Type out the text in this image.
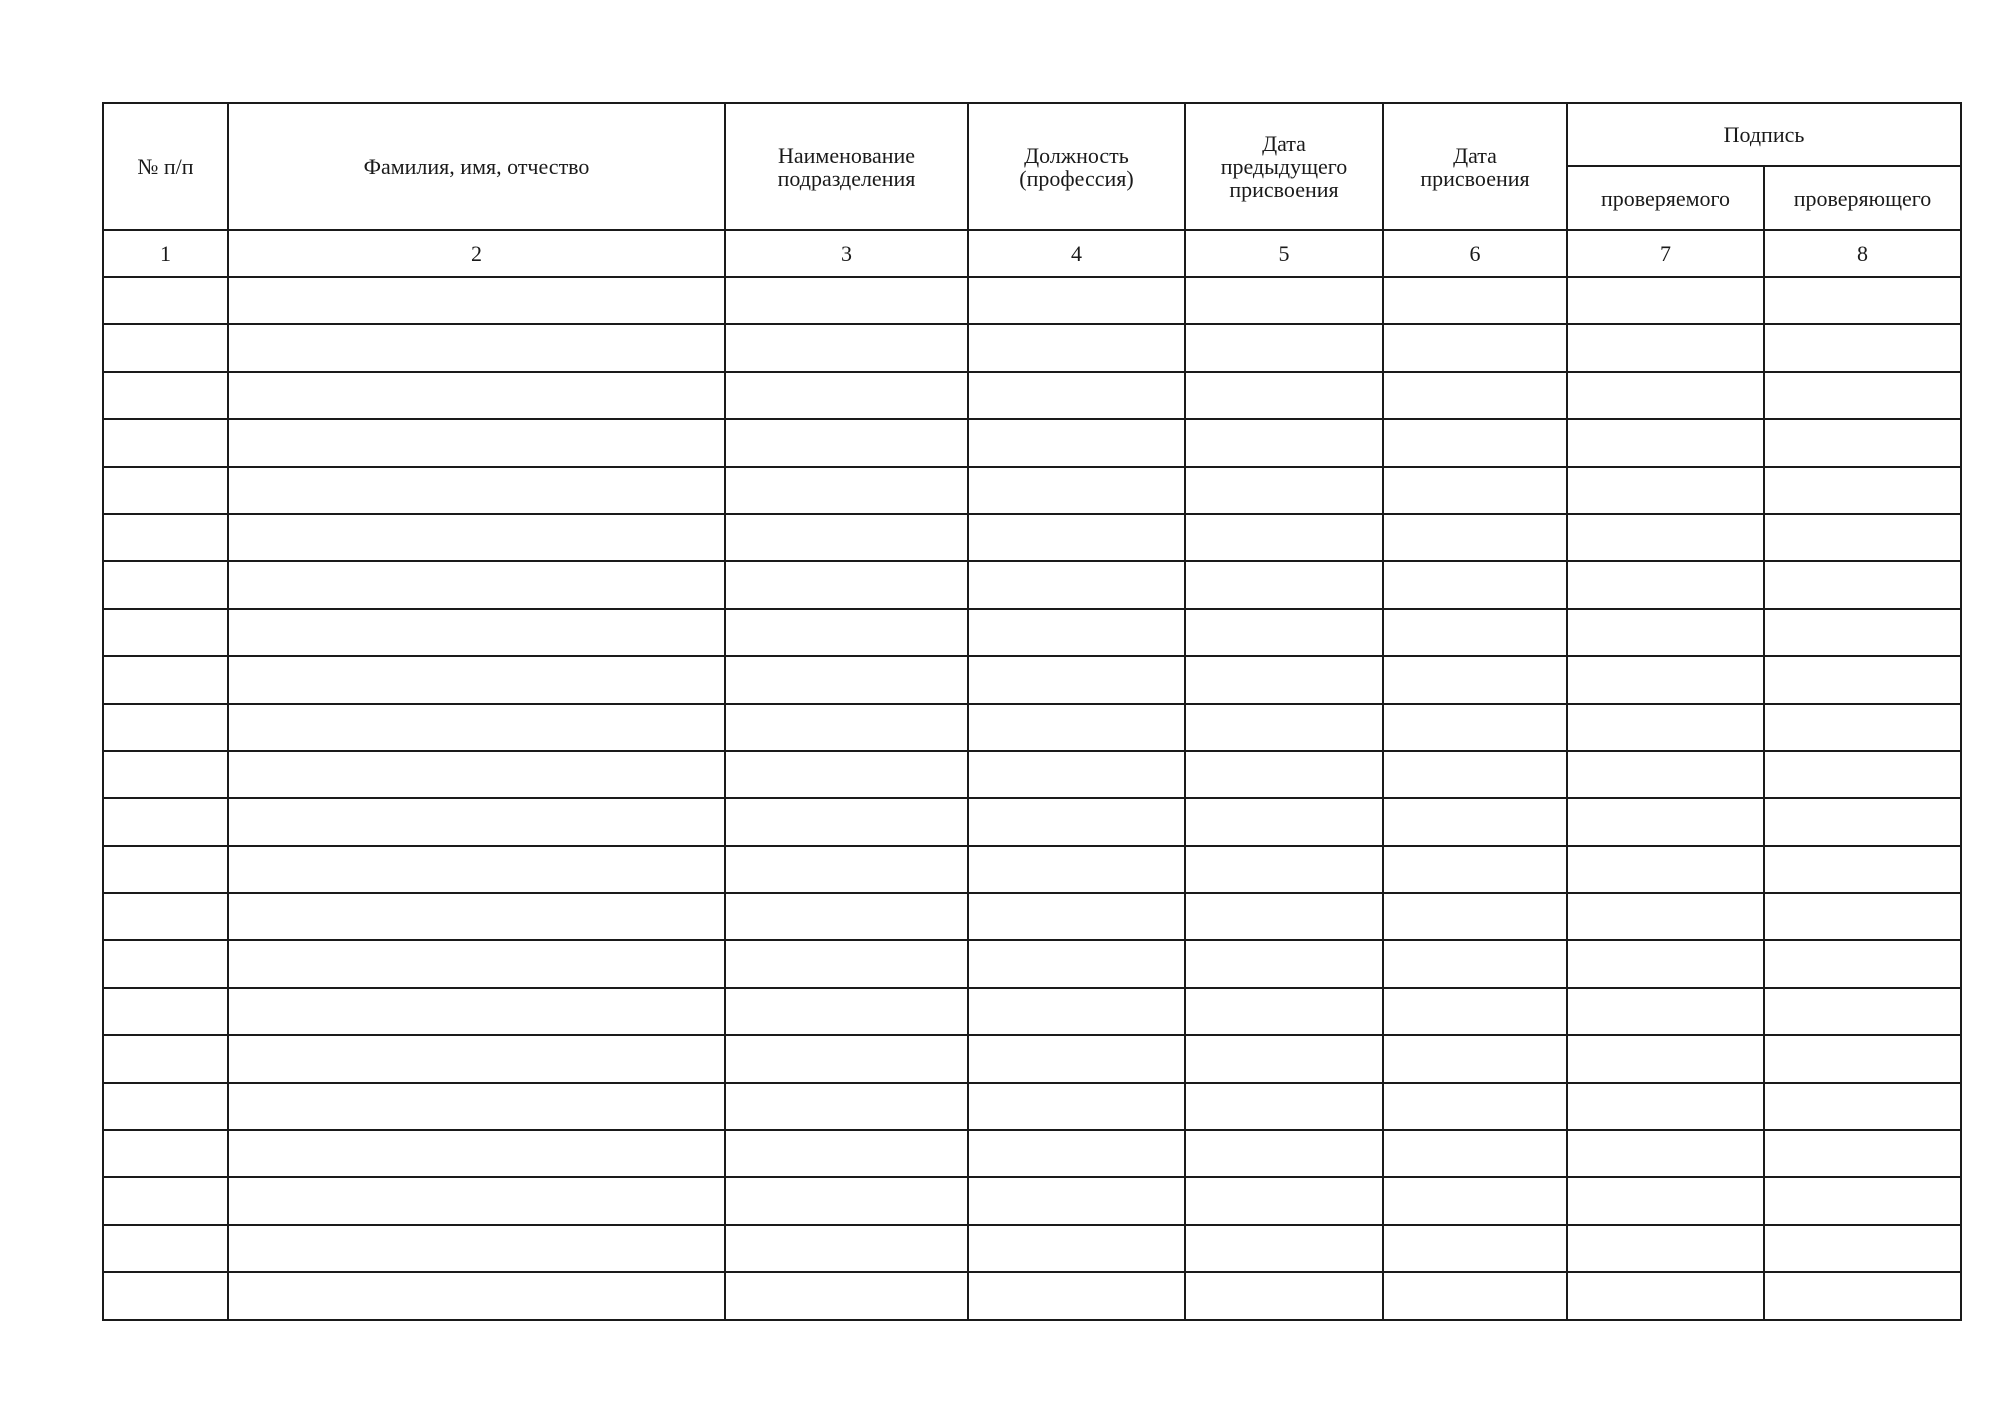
№ п/п	Фамилия, имя, отчество	Наименование подразделения	Должность (профессия)	Дата предыдущего присвоения	Дата присвоения	Подпись	

						проверяемого	проверяющего

1	2	3	4	5	6	7	8
